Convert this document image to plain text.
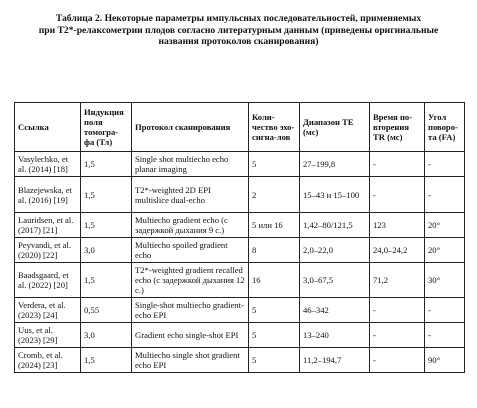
Таблица 2. Некоторые параметры импульсных последовательностей, применяемых
при T2*-релаксометрии плодов согласно литературным данным (приведены оригинальные
названия протоколов сканирования)
Ссылка	Индукция поля томогра-фа (Тл)	Протокол сканирования	Коли-чество эхо-сигна-лов	Диапазон TE (мс)	Время по-вторения TR (мс)	Угол поворо-та (FA)
Vasylechko, et al. (2014) [18]	1,5	Single shot multiecho echo planar imaging	5	27–199,8	-	-
Blazejewska, et al. (2016) [19]	1,5	T2*-weighted 2D EPI multislice dual-echo	2	15–43 и 15–100	-	-
Lauridsen, et al. (2017) [21]	1,5	Multiecho gradient echo (с задержкой дыхания 9 с.)	5 или 16	1,42–80/121,5	123	20°
Peyvandi, et al. (2020) [22]	3,0	Multiecho spoiled gradient echo	8	2,0–22,0	24,0–24,2	20°
Baadsgaard, et al. (2022) [20]	1,5	T2*-weighted gradient recalled echo (с задержкой дыхания 12 с.)	16	3,0–67,5	71,2	30°
Verdera, et al. (2023) [24]	0,55	Single-shot multiecho gradient-echo EPI	5	46–342	-	-
Uus, et al. (2023) [29]	3,0	Gradient echo single-shot EPI	5	13–240	-	-
Cromb, et al. (2024) [23]	1,5	Multiecho single shot gradient echo EPI	5	11,2–194,7	-	90°
